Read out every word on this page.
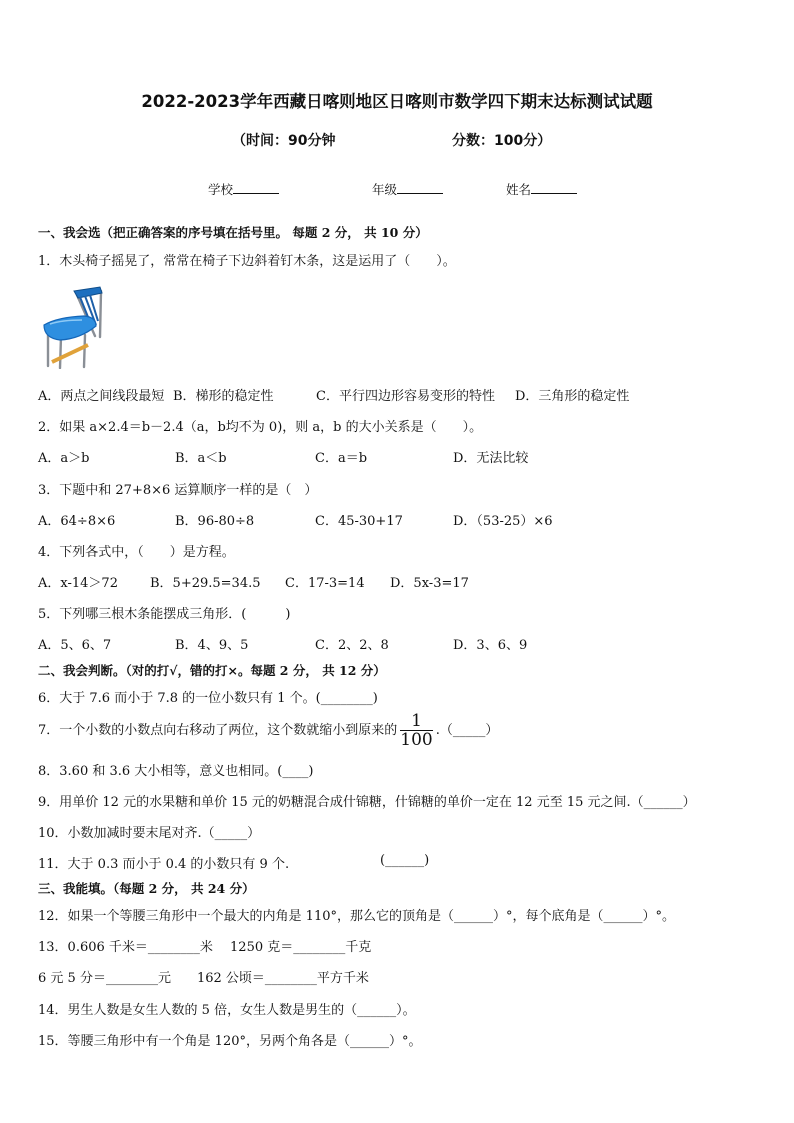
2022-2023学年西藏日喀则地区日喀则市数学四下期末达标测试试题
（时间：90分钟	分数：100分）
学校	年级	姓名
一、我会选（把正确答案的序号填在括号里。 每题 2 分， 共 10 分）
1．木头椅子摇晃了，常常在椅子下边斜着钉木条，这是运用了（　　）。
A．两点之间线段最短 B．梯形的稳定性	C．平行四边形容易变形的特性 D．三角形的稳定性
2．如果 a×2.4＝b－2.4（a，b均不为 0)，则 a，b 的大小关系是（　　）。
A．a＞b	B．a＜b	C．a＝b	D．无法比较
3．下题中和 27+8×6 运算顺序一样的是（　）
A．64÷8×6	B．96-80÷8	C．45-30+17	D．（53-25）×6
4．下列各式中，（　　）是方程。
A．x-14＞72 B．5+29.5=34.5 C．17-3=14 D．5x-3=17
5．下列哪三根木条能摆成三角形．(　　　)
A．5、6、7	B．4、9、5	C．2、2、8	D．3、6、9
二、我会判断。（对的打√，错的打×。每题 2 分， 共 12 分）
6．大于 7.6 而小于 7.8 的一位小数只有 1 个。(________)
7．一个小数的小数点向右移动了两位，这个数就缩小到原来的 $\frac{1}{100}$ .（_____）
8．3.60 和 3.6 大小相等，意义也相同。(____)
9．用单价 12 元的水果糖和单价 15 元的奶糖混合成什锦糖，什锦糖的单价一定在 12 元至 15 元之间.（______）
10．小数加减时要末尾对齐.（_____）
11．大于 0.3 而小于 0.4 的小数只有 9 个.	(______)
三、我能填。（每题 2 分， 共 24 分）
12．如果一个等腰三角形中一个最大的内角是 110°，那么它的顶角是（______）°，每个底角是（______）°。
13．0.606 千米＝________米　 1250 克＝________千克
6 元 5 分＝________元　　162 公顷＝________平方千米
14．男生人数是女生人数的 5 倍，女生人数是男生的（______）。
15．等腰三角形中有一个角是 120°，另两个角各是（______）°。
